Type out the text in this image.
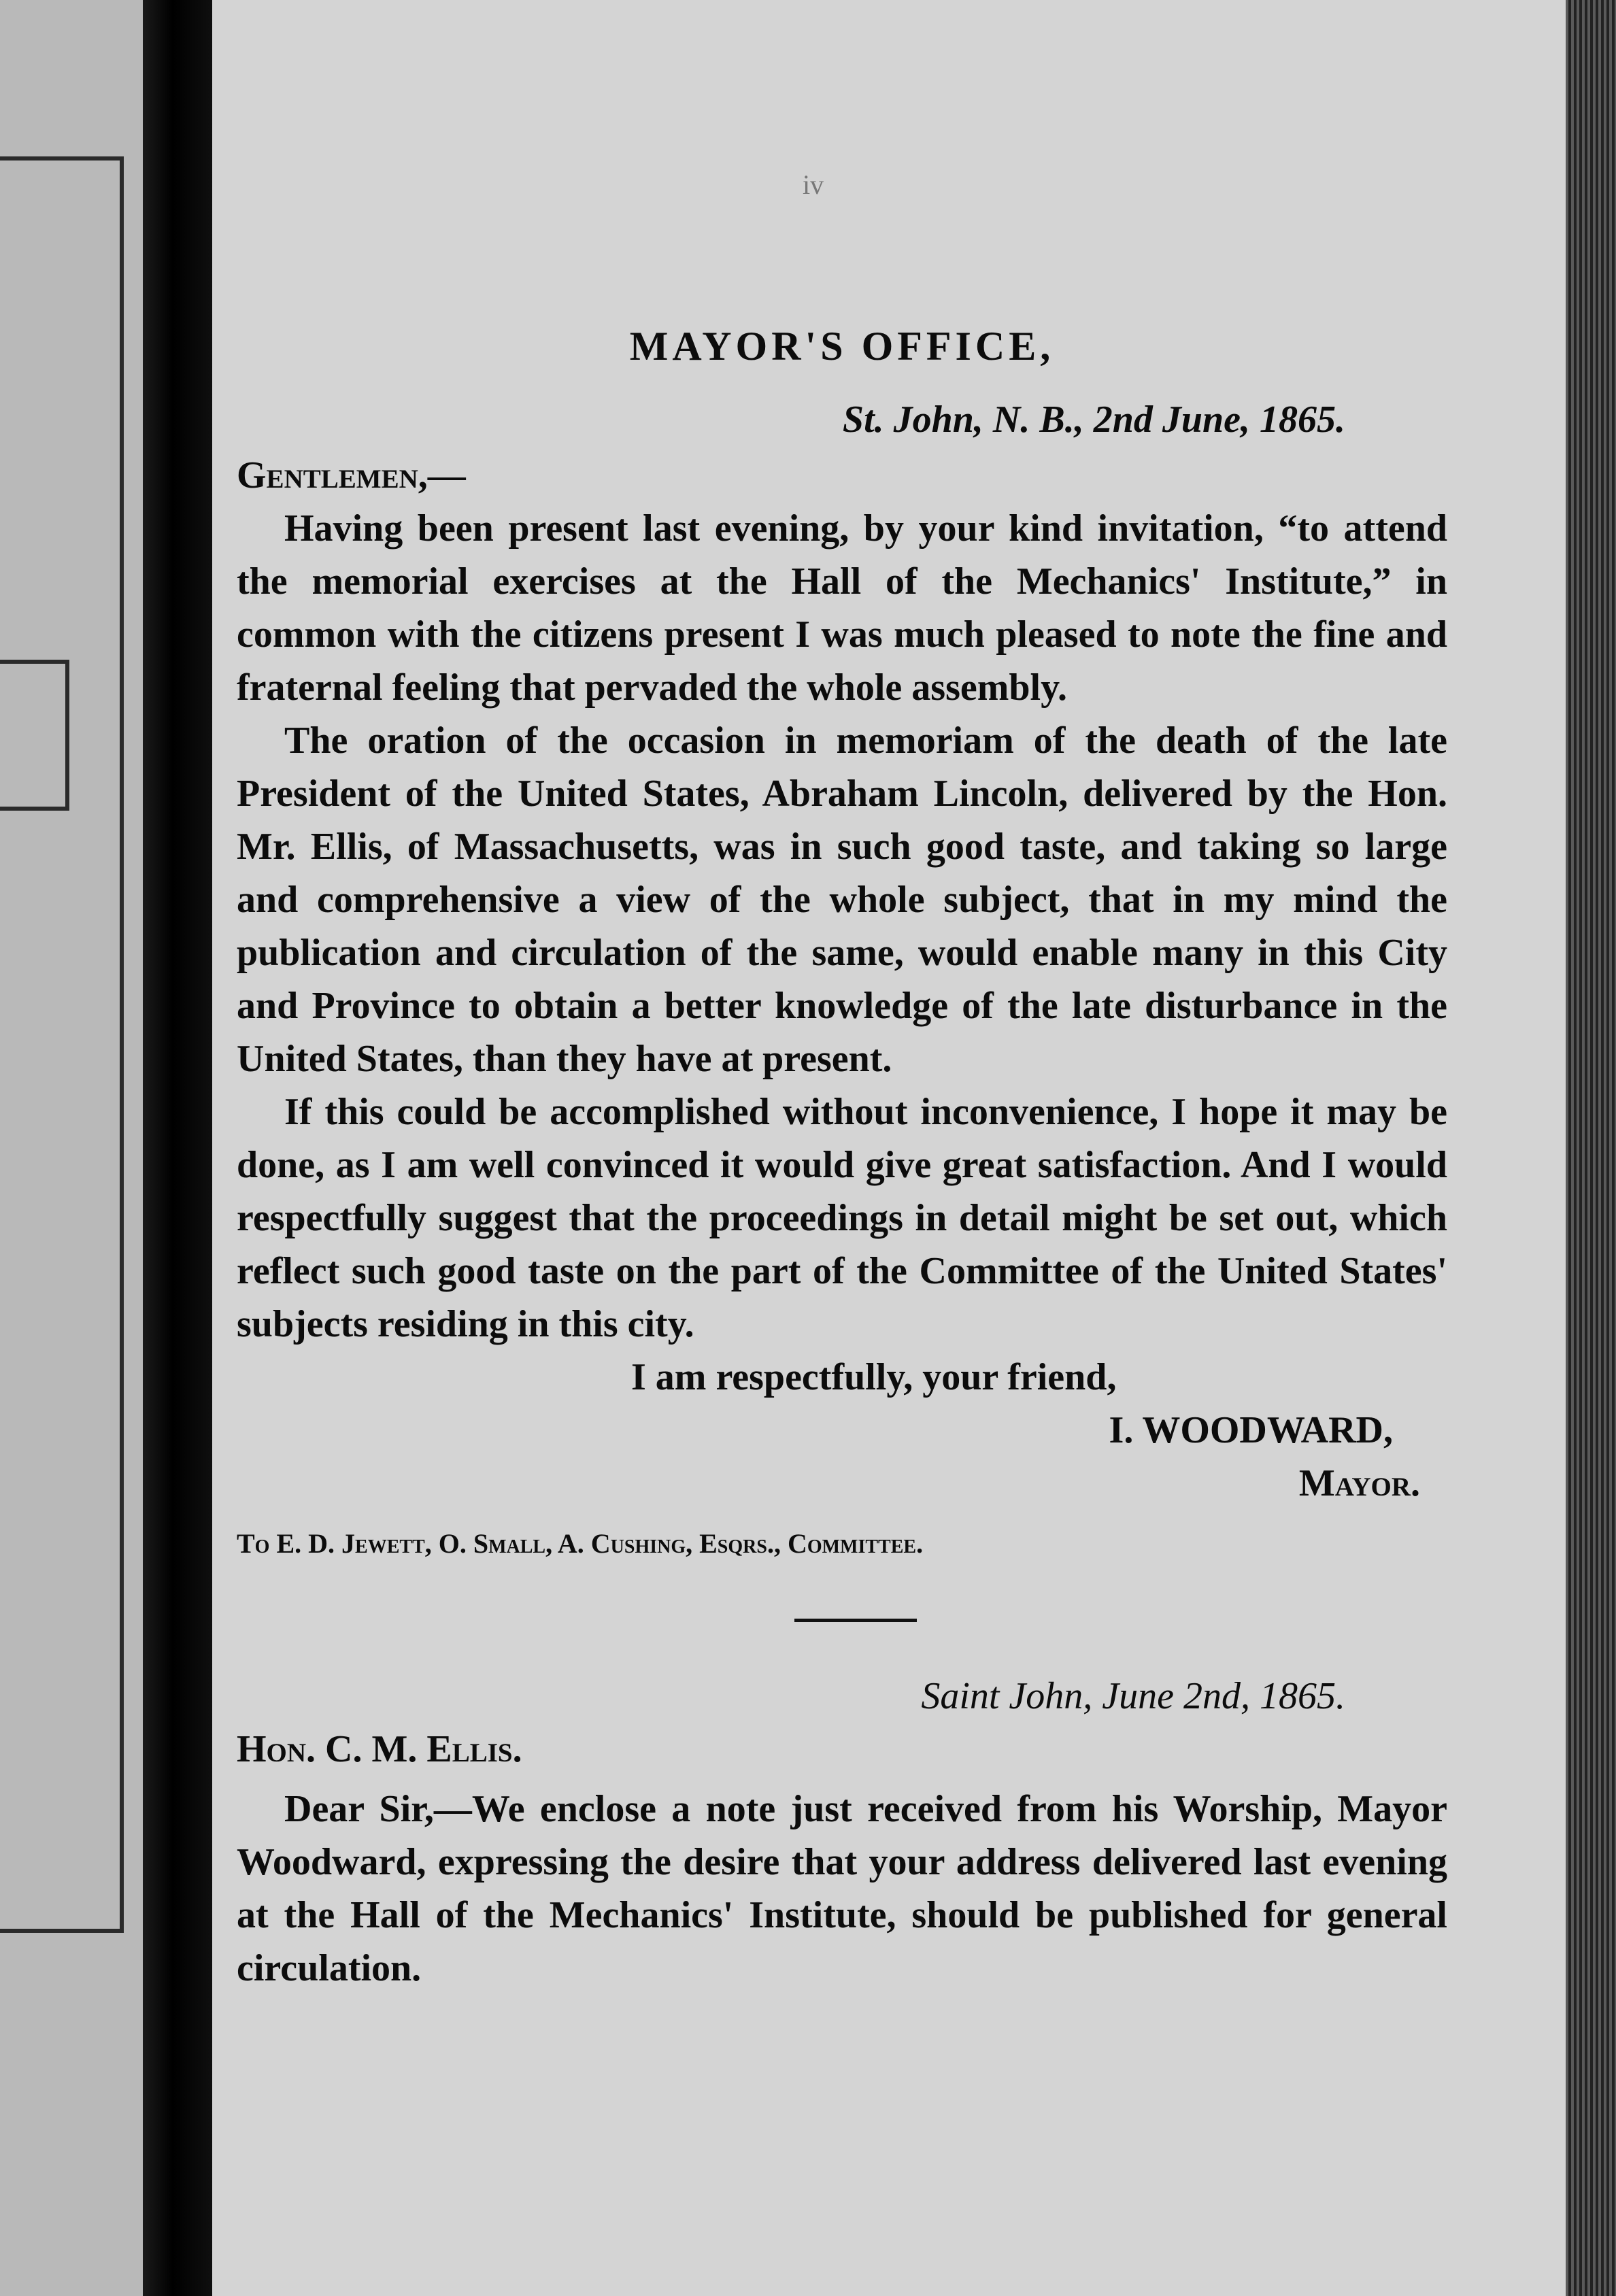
iv
MAYOR'S OFFICE,
St. John, N. B., 2nd June, 1865.
Gentlemen,—

Having been present last evening, by your kind invitation, “to attend the memorial exercises at the Hall of the Mechanics' Institute,” in common with the citizens present I was much pleased to note the fine and fraternal feeling that pervaded the whole assembly.

The oration of the occasion in memoriam of the death of the late President of the United States, Abraham Lincoln, delivered by the Hon. Mr. Ellis, of Massachusetts, was in such good taste, and taking so large and comprehensive a view of the whole subject, that in my mind the publication and circulation of the same, would enable many in this City and Province to obtain a better knowledge of the late disturbance in the United States, than they have at present.

If this could be accomplished without inconvenience, I hope it may be done, as I am well convinced it would give great satisfaction. And I would respectfully suggest that the proceedings in detail might be set out, which reflect such good taste on the part of the Committee of the United States' subjects residing in this city.

I am respectfully, your friend,
I. WOODWARD,
Mayor.
To E. D. Jewett, O. Small, A. Cushing, Esqrs., Committee.
Saint John, June 2nd, 1865.
Hon. C. M. Ellis.

Dear Sir,—We enclose a note just received from his Worship, Mayor Woodward, expressing the desire that your address delivered last evening at the Hall of the Mechanics' Institute, should be published for general circulation.
